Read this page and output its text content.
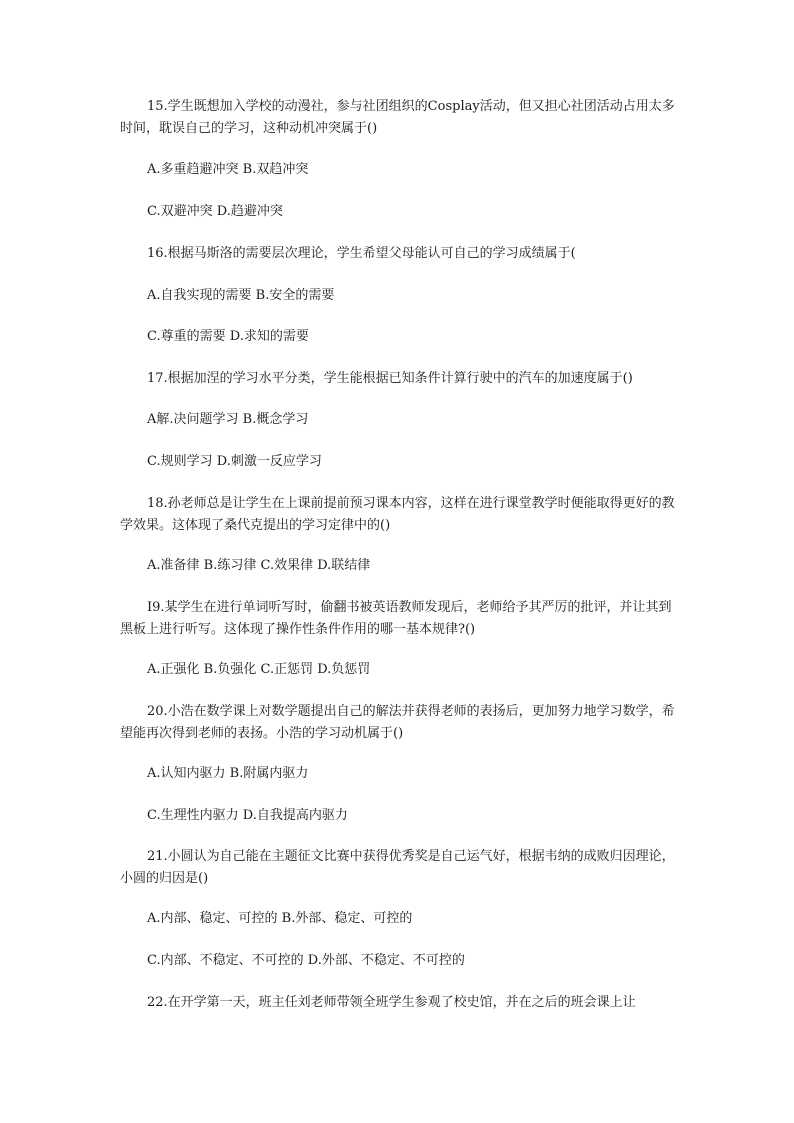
15.学生既想加入学校的动漫社，参与社团组织的Cosplay活动，但又担心社团活动占用太多时间，耽误自己的学习，这种动机冲突属于()

A.多重趋避冲突 B.双趋冲突

C.双避冲突 D.趋避冲突

16.根据马斯洛的需要层次理论，学生希望父母能认可自己的学习成绩属于(

A.自我实现的需要 B.安全的需要

C.尊重的需要 D.求知的需要

17.根据加涅的学习水平分类，学生能根据已知条件计算行驶中的汽车的加速度属于()

A解.决问题学习 B.概念学习

C.规则学习 D.刺激一反应学习

18.孙老师总是让学生在上课前提前预习课本内容，这样在进行课堂教学时便能取得更好的教学效果。这体现了桑代克提出的学习定律中的()

A.准备律 B.练习律 C.效果律 D.联结律

I9.某学生在进行单词听写时，偷翻书被英语教师发现后，老师给予其严厉的批评，并让其到黑板上进行听写。这体现了操作性条件作用的哪一基本规律?()

A.正强化 B.负强化 C.正惩罚 D.负惩罚

20.小浩在数学课上对数学题提出自己的解法并获得老师的表扬后，更加努力地学习数学，希望能再次得到老师的表扬。小浩的学习动机属于()

A.认知内驱力 B.附属内驱力

C.生理性内驱力 D.自我提高内驱力

21.小圆认为自己能在主题征文比赛中获得优秀奖是自己运气好，根据韦纳的成败归因理论，小圆的归因是()

A.内部、稳定、可控的 B.外部、稳定、可控的

C.内部、不稳定、不可控的 D.外部、不稳定、不可控的

22.在开学第一天，班主任刘老师带领全班学生参观了校史馆，并在之后的班会课上让
